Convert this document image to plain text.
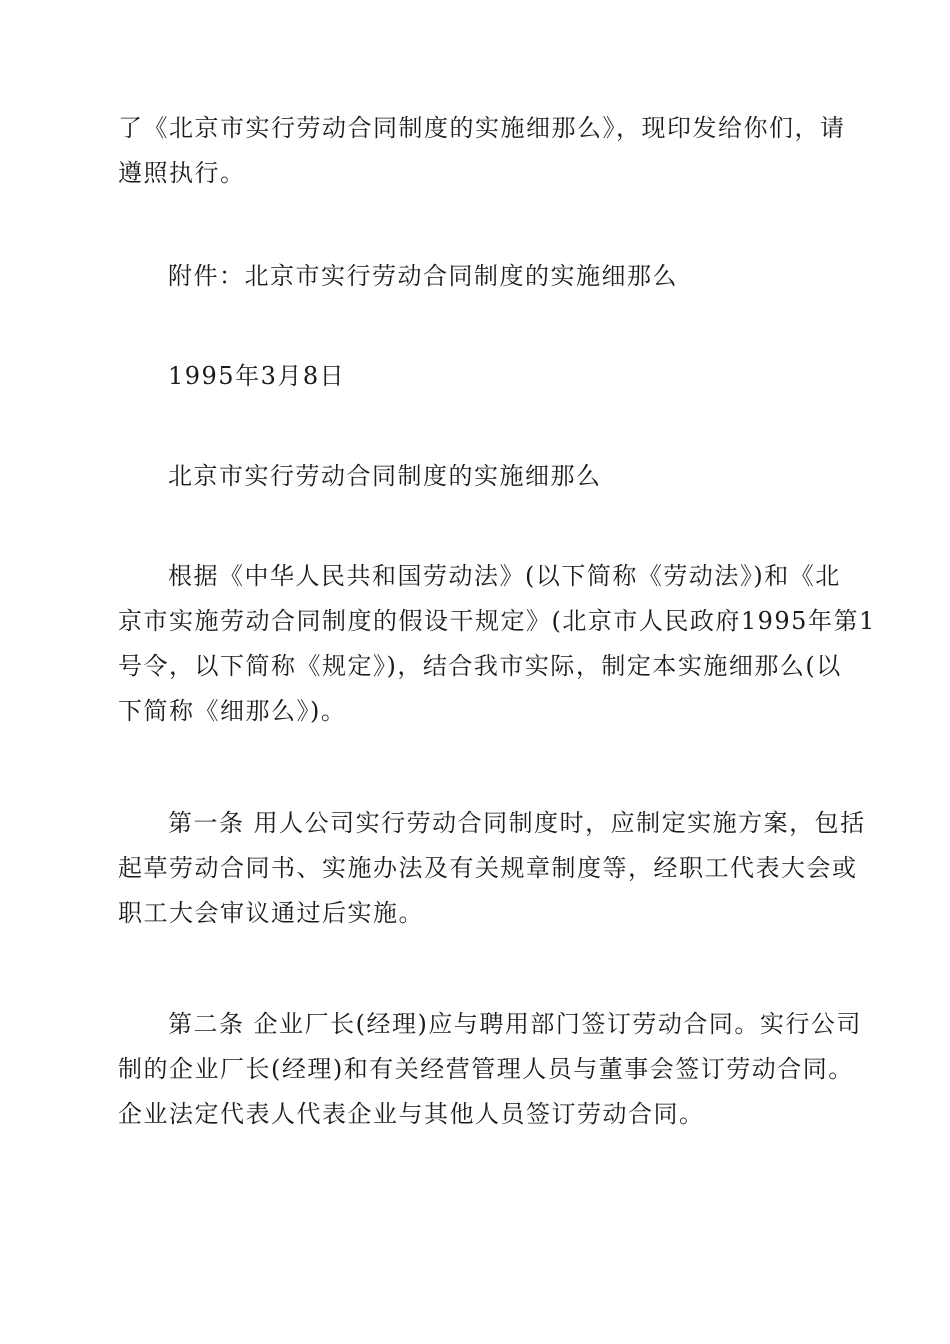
了《北京市实行劳动合同制度的实施细那么》，现印发给你们，请
遵照执行。

附件：北京市实行劳动合同制度的实施细那么

1995年3月8日

北京市实行劳动合同制度的实施细那么

根据《中华人民共和国劳动法》(以下简称《劳动法》)和《北
京市实施劳动合同制度的假设干规定》(北京市人民政府1995年第1
号令，以下简称《规定》)，结合我市实际，制定本实施细那么(以
下简称《细那么》)。

第一条 用人公司实行劳动合同制度时，应制定实施方案，包括
起草劳动合同书、实施办法及有关规章制度等，经职工代表大会或
职工大会审议通过后实施。

第二条 企业厂长(经理)应与聘用部门签订劳动合同。实行公司
制的企业厂长(经理)和有关经营管理人员与董事会签订劳动合同。
企业法定代表人代表企业与其他人员签订劳动合同。
